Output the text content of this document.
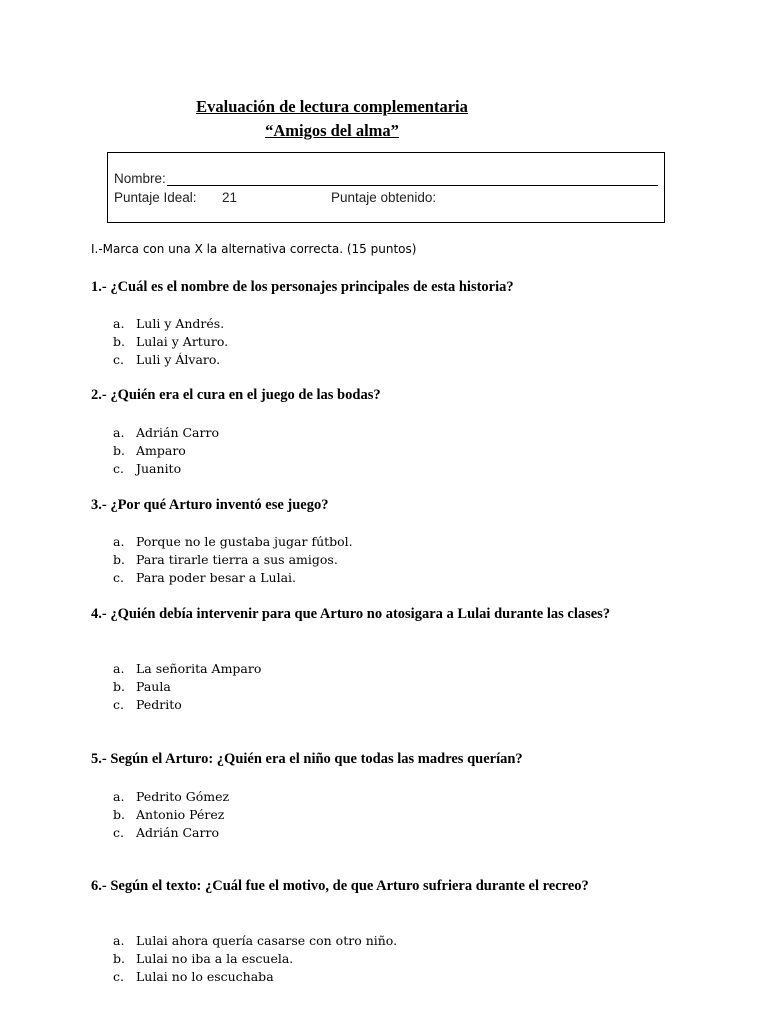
Evaluación de lectura complementaria
“Amigos del alma”
Nombre:
Puntaje Ideal: 21	Puntaje obtenido:
I.-Marca con una X la alternativa correcta. (15 puntos)
1.- ¿Cuál es el nombre de los personajes principales de esta historia?
a. Luli y Andrés.
b. Lulai y Arturo.
c. Luli y Álvaro.
2.- ¿Quién era el cura en el juego de las bodas?
a. Adrián Carro
b. Amparo
c. Juanito
3.- ¿Por qué Arturo inventó ese juego?
a. Porque no le gustaba jugar fútbol.
b. Para tirarle tierra a sus amigos.
c. Para poder besar a Lulai.
4.- ¿Quién debía intervenir para que Arturo no atosigara a Lulai durante las clases?
a. La señorita Amparo
b. Paula
c. Pedrito
5.- Según el Arturo: ¿Quién era el niño que todas las madres querían?
a. Pedrito Gómez
b. Antonio Pérez
c. Adrián Carro
6.- Según el texto: ¿Cuál fue el motivo, de que Arturo sufriera durante el recreo?
a. Lulai ahora quería casarse con otro niño.
b. Lulai no iba a la escuela.
c. Lulai no lo escuchaba
